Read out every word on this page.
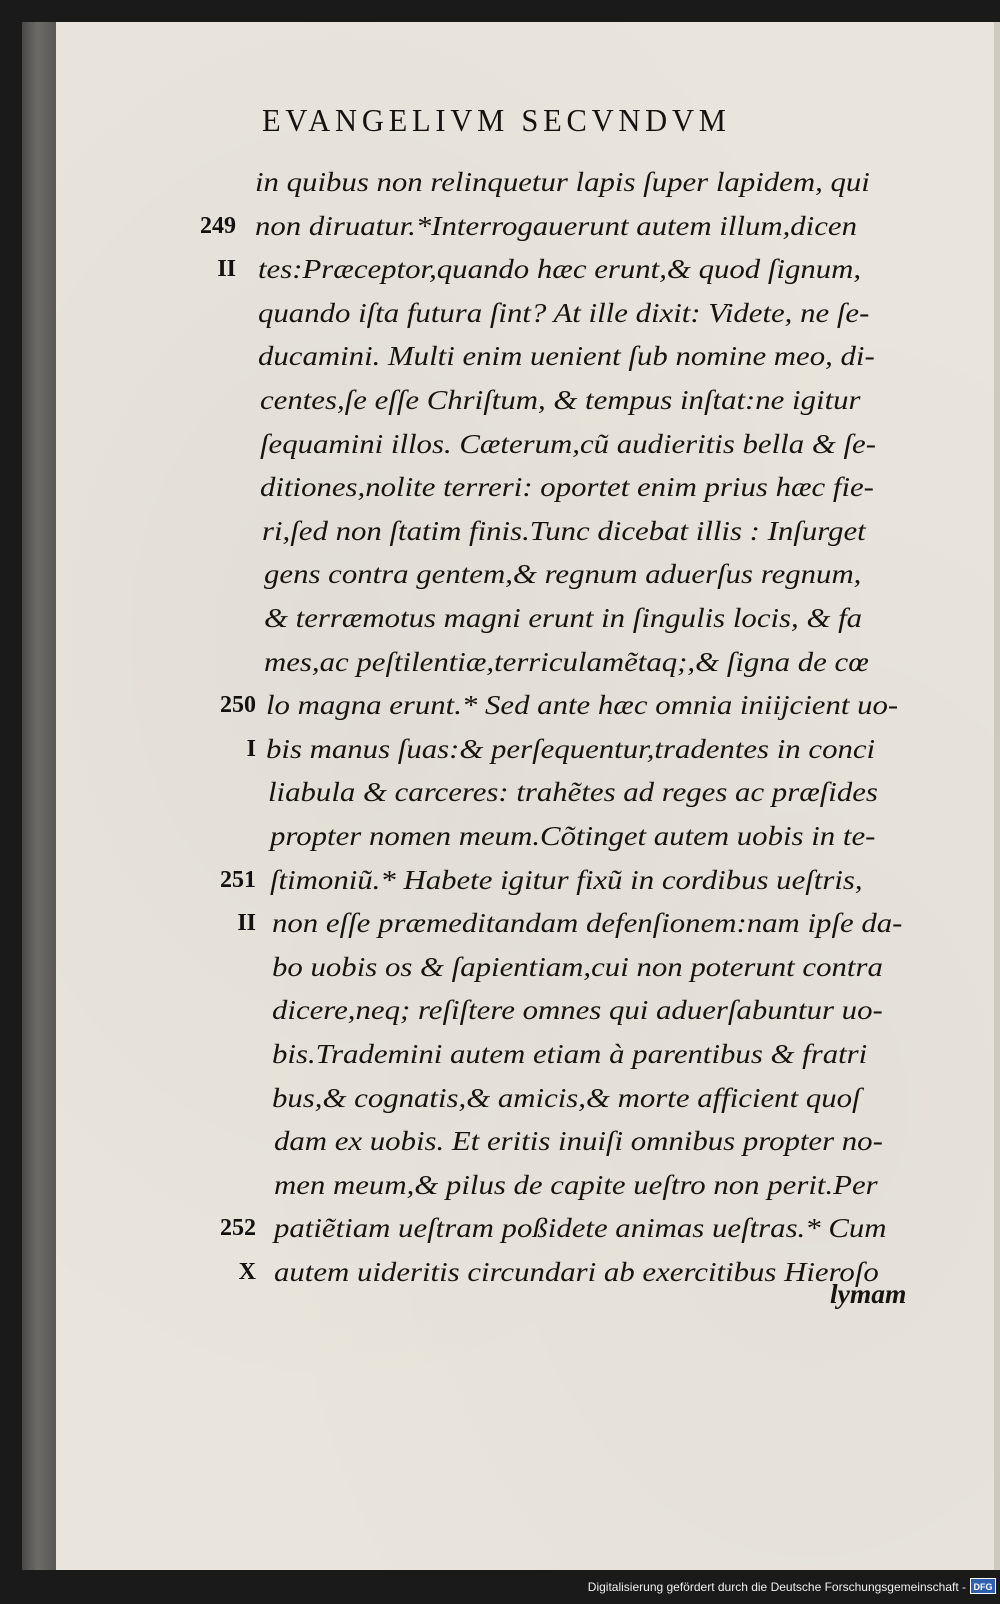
EVANGELIVM SECVNDVM
in quibus non relinquetur lapis ſuper lapidem, qui
249 non diruatur.*Interrogauerunt autem illum,dicen
II tes:Præceptor,quando hæc erunt,& quod ſignum,
quando iſta futura ſint? At ille dixit: Videte, ne ſe-
ducamini. Multi enim uenient ſub nomine meo, di-
centes,ſe eſſe Chriſtum, & tempus inſtat:ne igitur
ſequamini illos. Cæterum,cũ audieritis bella & ſe-
ditiones,nolite terreri: oportet enim prius hæc fie-
ri,ſed non ſtatim finis.Tunc dicebat illis : Inſurget
gens contra gentem,& regnum aduerſus regnum,
& terræmotus magni erunt in ſingulis locis, & fa
mes,ac peſtilentiæ,terriculamẽtaq;,& ſigna de cœ
250 lo magna erunt.* Sed ante hæc omnia iniijcient uo-
I bis manus ſuas:& perſequentur,tradentes in conci
liabula & carceres: trahẽtes ad reges ac præſides
propter nomen meum.Cõtinget autem uobis in te-
251 ſtimoniũ.* Habete igitur fixũ in cordibus ueſtris,
II non eſſe præmeditandam defenſionem:nam ipſe da-
bo uobis os & ſapientiam,cui non poterunt contra
dicere,neq; reſiſtere omnes qui aduerſabuntur uo-
bis.Trademini autem etiam à parentibus & fratri
bus,& cognatis,& amicis,& morte afficient quoſ
dam ex uobis. Et eritis inuiſi omnibus propter no-
men meum,& pilus de capite ueſtro non perit.Per
252 patiẽtiam ueſtram poßidete animas ueſtras.* Cum
X autem uideritis circundari ab exercitibus Hieroſo
lymam
Digitalisierung gefördert durch die Deutsche Forschungsgemeinschaft - DFG
